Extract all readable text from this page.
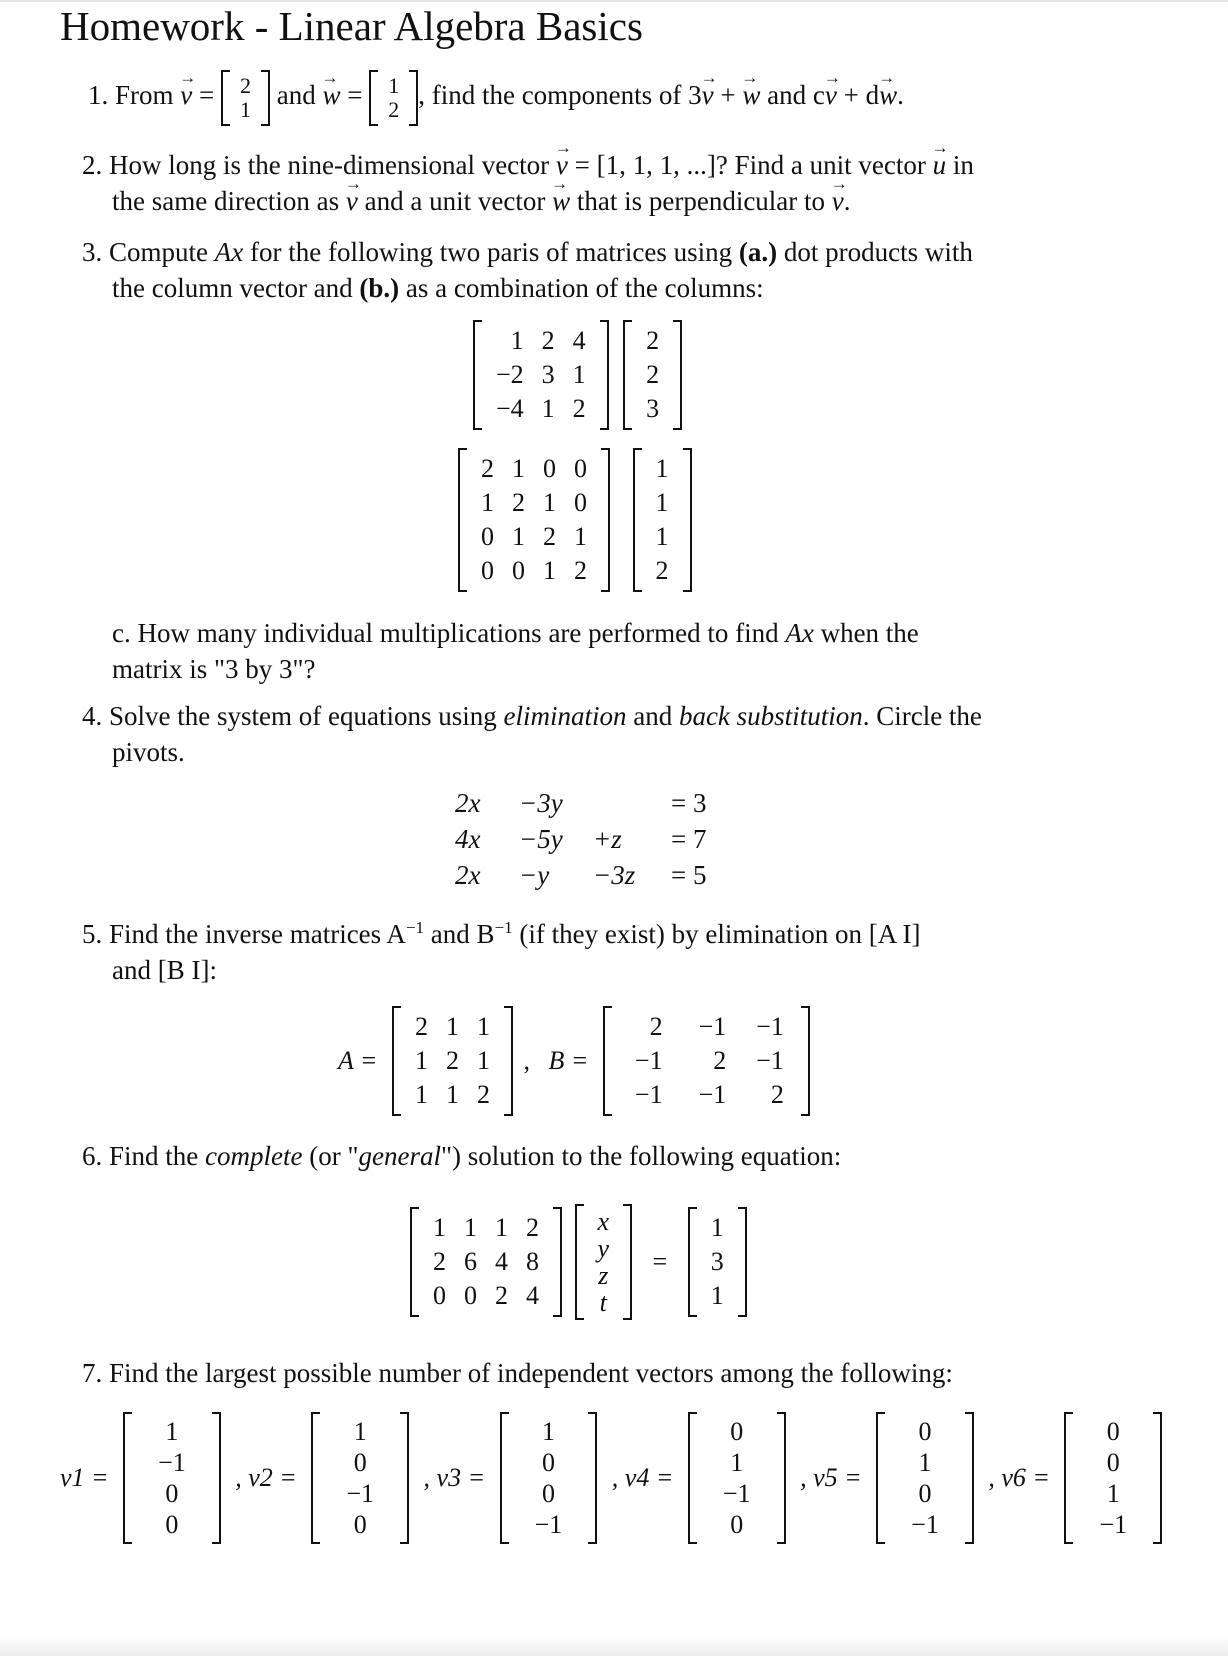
Homework - Linear Algebra Basics
1. From → v = 2
1 and → w = 1
2 , find the components of 3→ v + → w and c→ v + d→ w.
2. How long is the nine-dimensional vector → v = [1, 1, 1, ...]? Find a unit vector → u in
the same direction as → v and a unit vector → w that is perpendicular to → v.
3. Compute Ax for the following two paris of matrices using (a.) dot products with
the column vector and (b.) as a combination of the columns:
1 2 4
−2 3 1
−4 1 2

2
2
3
2 1 0 0
1 2 1 0
0 1 2 1
0 0 1 2

1
1
1
2
c. How many individual multiplications are performed to find Ax when the
matrix is "3 by 3"?
4. Solve the system of equations using elimination and back substitution. Circle the
pivots.
2x	−3y	= 3
4x	−5y	+z	= 7
2x	−y	−3z	= 5
5. Find the inverse matrices $A^{-1}$ and $B^{-1}$ (if they exist) by elimination on [A I]
and [B I]:
A =
2 1 1
1 2 1
1 1 2
, B =
2	−1	−1
−1	2	−1
−1	−1	2
6. Find the complete (or "general") solution to the following equation:
1 1 1 2
2 6 4 8
0 0 2 4

x
y
z
t
=
1
3
1
7. Find the largest possible number of independent vectors among the following:
v1 =
1
−1
0
0
, v2 =
1
0
−1
0
, v3 =
1
0
0
−1
, v4 =
0
1
−1
0
, v5 =
0
1
0
−1
, v6 =
0
0
1
−1
